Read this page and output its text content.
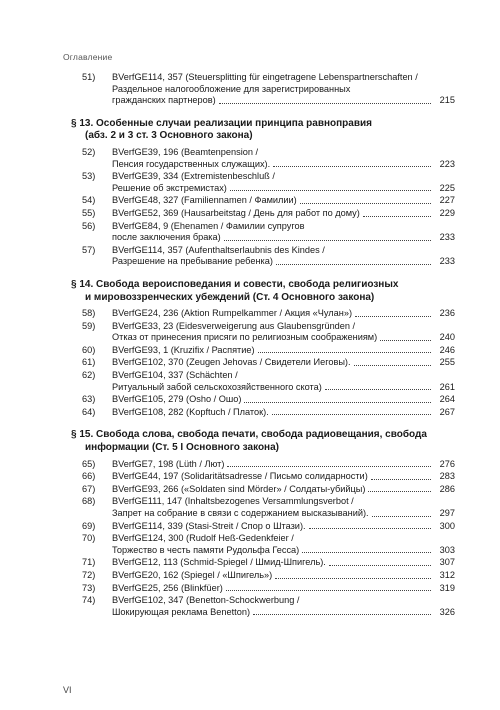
Оглавление
51)	BVerfGE114, 357 (Steuersplitting für eingetragene Lebenspartnerschaften /
Раздельное налогообложение для зарегистрированных
гражданских партнеров)	215
§ 13. Особенные случаи реализации принципа равноправия
(абз. 2 и 3 ст. 3 Основного закона)
52)	BVerfGE39, 196 (Beamtenpension /
Пенсия государственных служащих).	223
53)	BVerfGE39, 334 (Extremistenbeschluß /
Решение об экстремистах)	225
54)	BVerfGE48, 327 (Familiennamen / Фамилии)	227
55)	BVerfGE52, 369 (Hausarbeitstag / День для работ по дому)	229
56)	BVerfGE84, 9 (Ehenamen / Фамилии супругов
после заключения брака)	233
57)	BVerfGE114, 357 (Aufenthaltserlaubnis des Kindes /
Разрешение на пребывание ребенка)	233
§ 14. Свобода вероисповедания и совести, свобода религиозных
и мировоззренческих убеждений (Ст. 4 Основного закона)
58)	BVerfGE24, 236 (Aktion Rumpelkammer / Акция «Чулан»)	236
59)	BVerfGE33, 23 (Eidesverweigerung aus Glaubensgründen /
Отказ от принесения присяги по религиозным соображениям)	240
60)	BVerfGE93, 1 (Kruzifix / Распятие)	246
61)	BVerfGE102, 370 (Zeugen Jehovas / Свидетели Иеговы).	255
62)	BVerfGE104, 337 (Schächten /
Ритуальный забой сельскохозяйственного скота)	261
63)	BVerfGE105, 279 (Osho / Ошо)	264
64)	BVerfGE108, 282 (Kopftuch / Платок).	267
§ 15. Свобода слова, свобода печати, свобода радиовещания, свобода
информации (Ст. 5 I Основного закона)
65)	BVerfGE7, 198 (Lüth / Лют)	276
66)	BVerfGE44, 197 (Solidaritätsadresse / Письмо солидарности)	283
67)	BVerfGE93, 266 («Soldaten sind Mörder» / Солдаты-убийцы)	286
68)	BVerfGE111, 147 (Inhaltsbezogenes Versammlungsverbot /
Запрет на собрание в связи с содержанием высказываний).	297
69)	BVerfGE114, 339 (Stasi-Streit / Спор о Штази).	300
70)	BVerfGE124, 300 (Rudolf Heß-Gedenkfeier /
Торжество в честь памяти Рудольфа Гесса)	303
71)	BVerfGE12, 113 (Schmid-Spiegel / Шмид-Шпигель).	307
72)	BVerfGE20, 162 (Spiegel / «Шпигель»)	312
73)	BVerfGE25, 256 (Blinkfüer)	319
74)	BVerfGE102, 347 (Benetton-Schockwerbung /
Шокирующая реклама Benetton)	326
VI
